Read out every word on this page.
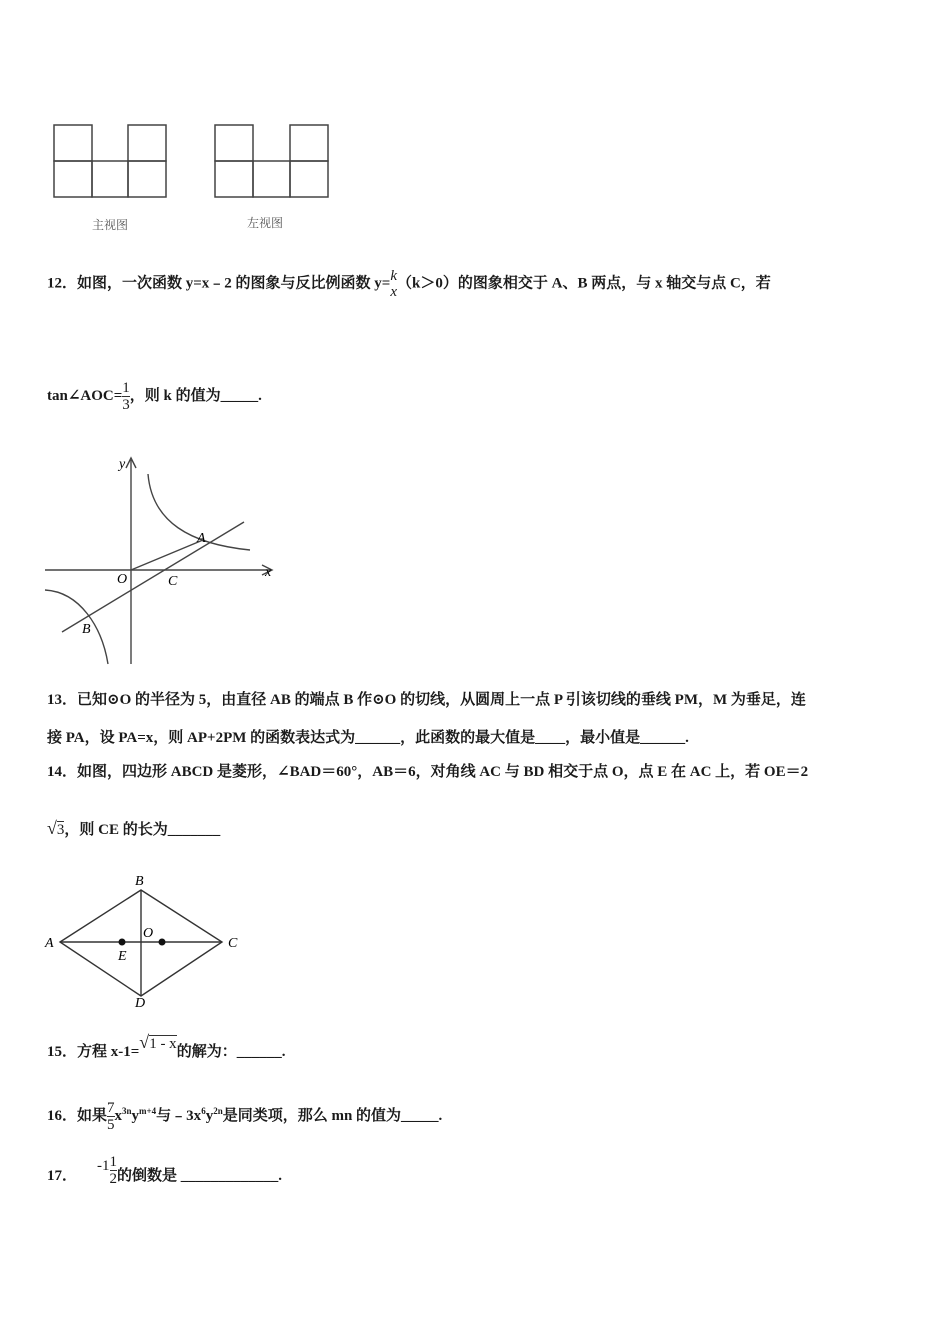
主视图	左视图
12．如图，一次函数 y=x﹣2 的图象与反比例函数 y= k
x
（k＞0）的图象相交于 A、B 两点，与 x 轴交与点 C，若
tan∠AOC= $\frac{1}{3}$ ，则 k 的值为_____.
y
x
O
A
B
C
13．已知⊙O 的半径为 5，由直径 AB 的端点 B 作⊙O 的切线，从圆周上一点 P 引该切线的垂线 PM，M 为垂足，连
接 PA，设 PA=x，则 AP+2PM 的函数表达式为______，此函数的最大值是____，最小值是______.
14．如图，四边形 ABCD 是菱形，∠BAD＝60°，AB＝6，对角线 AC 与 BD 相交于点 O，点 E 在 AC 上，若 OE＝2
√3，则 CE 的长为_______
A
B
C
D
O
E
15．方程 x-1=√1 - x的解为：______.
16．如果 $\frac{7}{5} x^{3n}y^{m+4}$与$﹣3x^6y^{2n}$是同类项，那么 mn 的值为_____.
17．$-1 \frac{1}{2}$ 的倒数是 _____________.
